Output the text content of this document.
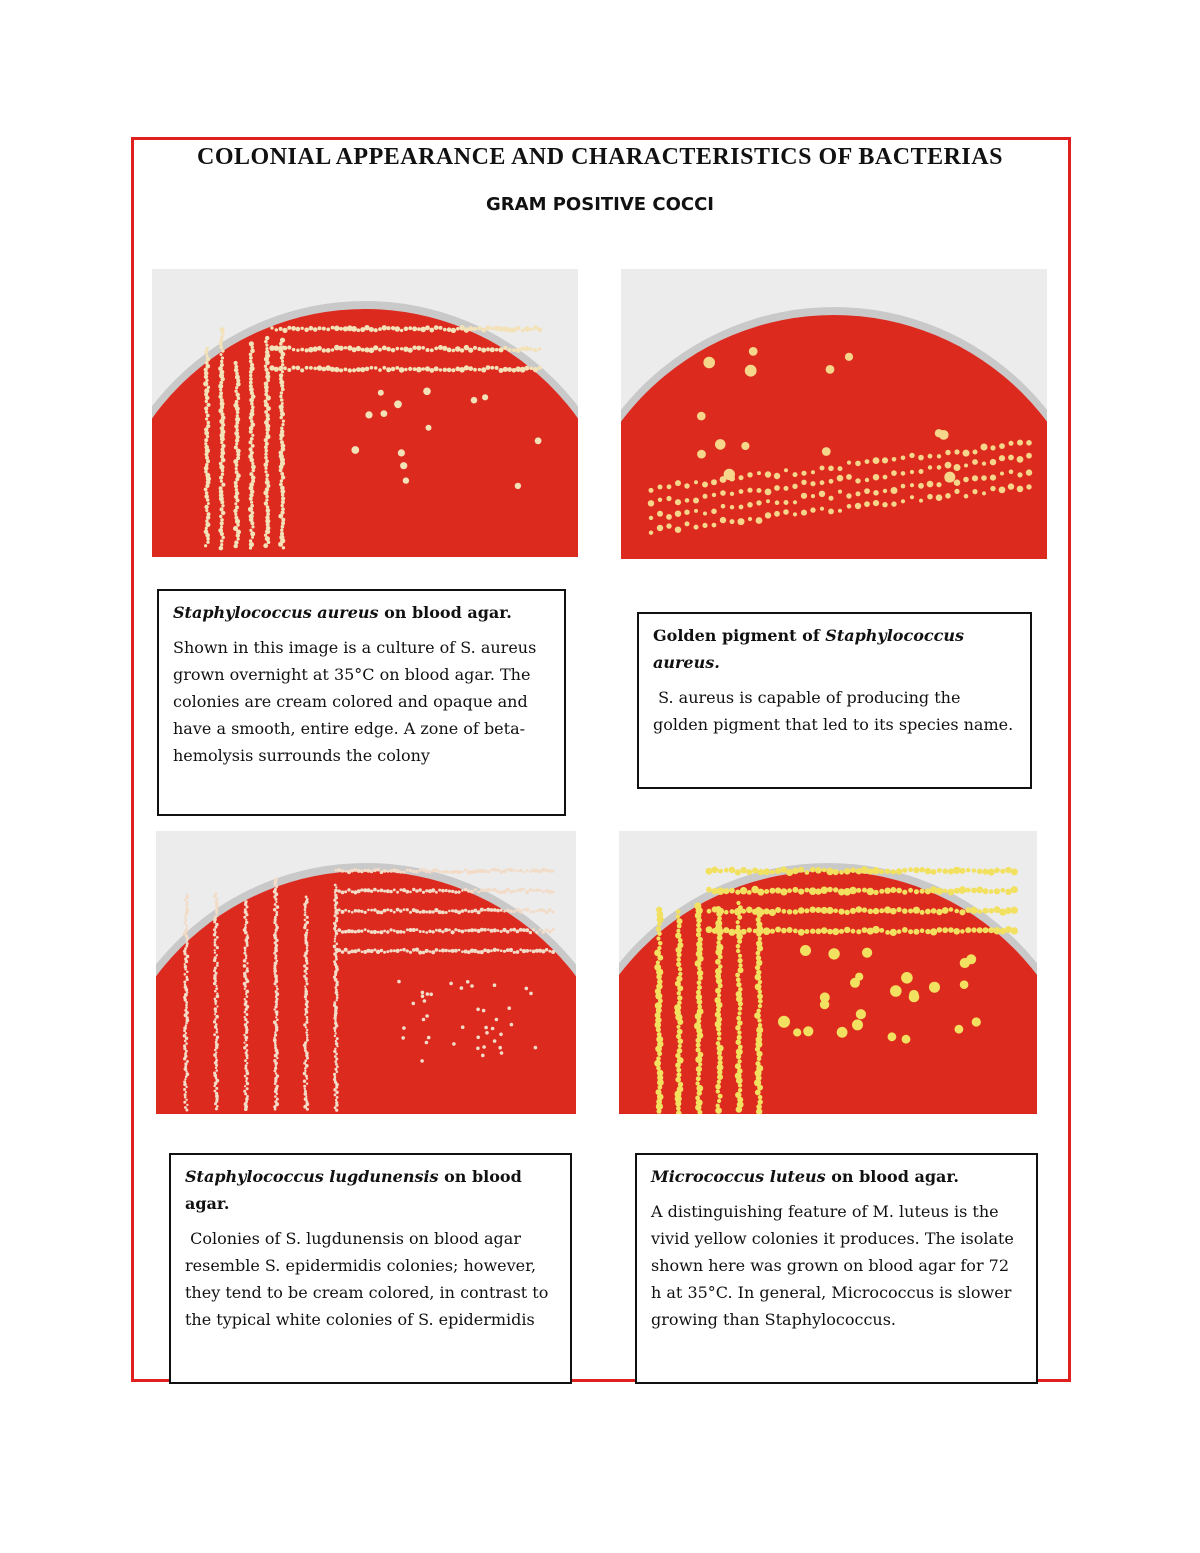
COLONIAL APPEARANCE AND CHARACTERISTICS OF BACTERIAS
GRAM POSITIVE COCCI
Staphylococcus aureus on blood agar.
Shown in this image is a culture of S. aureus grown overnight at 35°C on blood agar. The colonies are cream colored and opaque and have a smooth, entire edge. A zone of beta-hemolysis surrounds the colony
Golden pigment of Staphylococcus aureus.
S. aureus is capable of producing the golden pigment that led to its species name.
Staphylococcus lugdunensis on blood agar.
Colonies of S. lugdunensis on blood agar resemble S. epidermidis colonies; however, they tend to be cream colored, in contrast to the typical white colonies of S. epidermidis
Micrococcus luteus on blood agar.
A distinguishing feature of M. luteus is the vivid yellow colonies it produces. The isolate shown here was grown on blood agar for 72 h at 35°C. In general, Micrococcus is slower growing than Staphylococcus.
